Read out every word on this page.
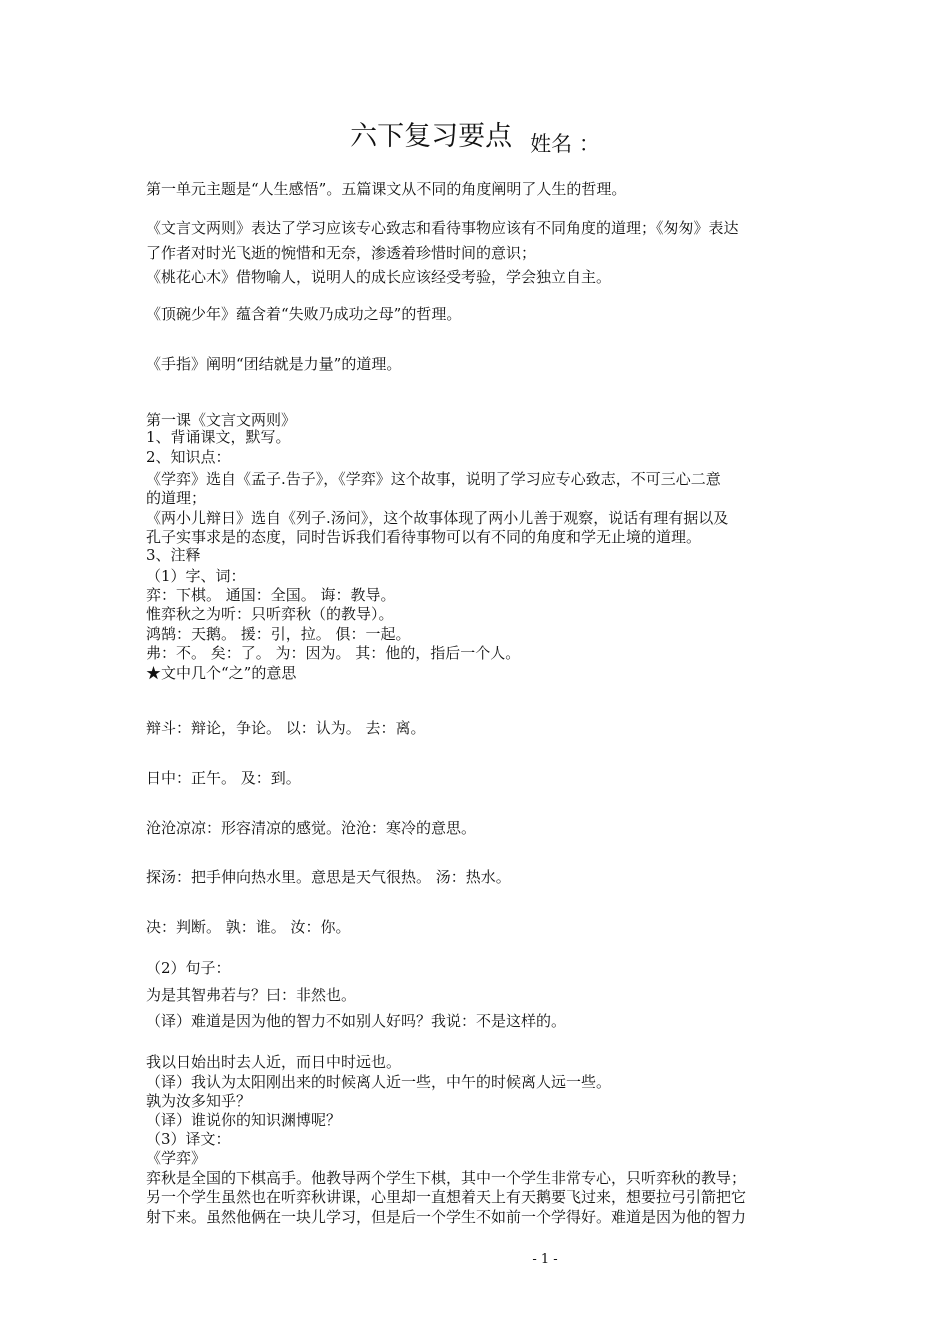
六下复习要点 姓名 ：
第一单元主题是“人生感悟”。五篇课文从不同的角度阐明了人生的哲理。
《文言文两则》表达了学习应该专心致志和看待事物应该有不同角度的道理；《匆匆》表达
了作者对时光飞逝的惋惜和无奈，渗透着珍惜时间的意识；
《桃花心木》借物喻人，说明人的成长应该经受考验，学会独立自主。
《顶碗少年》蕴含着“失败乃成功之母”的哲理。
《手指》阐明“团结就是力量”的道理。
第一课《文言文两则》
1、背诵课文，默写。
2、知识点：
《学弈》选自《孟子.告子》，《学弈》这个故事，说明了学习应专心致志，不可三心二意
的道理；
《两小儿辩日》选自《列子.汤问》，这个故事体现了两小儿善于观察，说话有理有据以及
孔子实事求是的态度，同时告诉我们看待事物可以有不同的角度和学无止境的道理。
3、注释
（1）字、词：
弈：下棋。 通国：全国。 诲：教导。
惟弈秋之为听：只听弈秋（的教导）。
鸿鹄：天鹅。 援：引，拉。 俱：一起。
弗：不。 矣：了。 为：因为。 其：他的，指后一个人。
★文中几个“之”的意思
辩斗：辩论，争论。 以：认为。 去：离。
日中：正午。 及：到。
沧沧凉凉：形容清凉的感觉。沧沧：寒冷的意思。
探汤：把手伸向热水里。意思是天气很热。 汤：热水。
决：判断。 孰：谁。 汝：你。
（2）句子：
为是其智弗若与？曰：非然也。
（译）难道是因为他的智力不如别人好吗？我说：不是这样的。
我以日始出时去人近，而日中时远也。
（译）我认为太阳刚出来的时候离人近一些，中午的时候离人远一些。
孰为汝多知乎？
（译）谁说你的知识渊博呢？
（3）译文：
《学弈》
弈秋是全国的下棋高手。他教导两个学生下棋，其中一个学生非常专心，只听弈秋的教导；
另一个学生虽然也在听弈秋讲课，心里却一直想着天上有天鹅要飞过来，想要拉弓引箭把它
射下来。虽然他俩在一块儿学习，但是后一个学生不如前一个学得好。难道是因为他的智力
- 1 -
